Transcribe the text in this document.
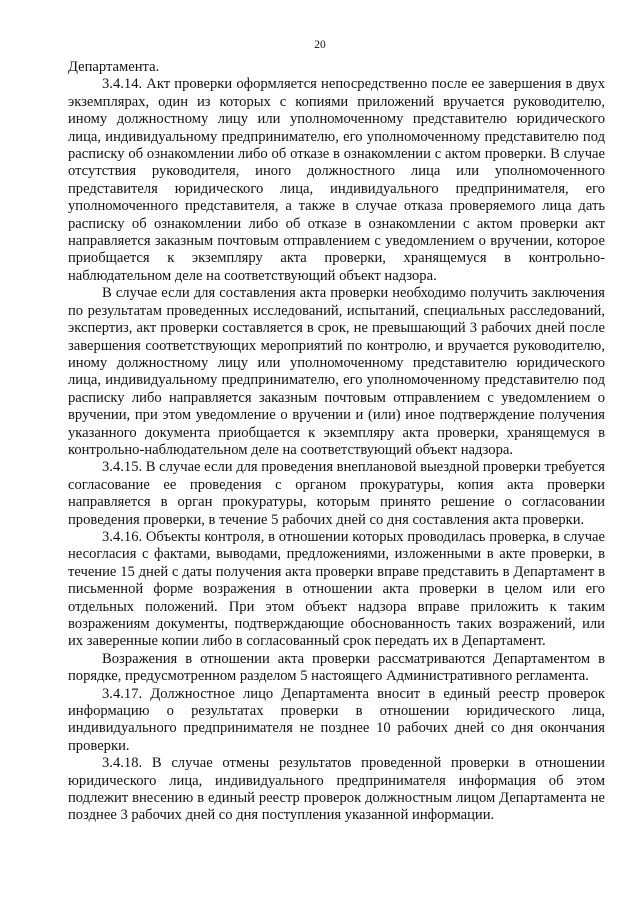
20

Департамента.

3.4.14. Акт проверки оформляется непосредственно после ее завершения в двух экземплярах, один из которых с копиями приложений вручается руководителю, иному должностному лицу или уполномоченному представителю юридического лица, индивидуальному предпринимателю, его уполномоченному представителю под расписку об ознакомлении либо об отказе в ознакомлении с актом проверки. В случае отсутствия руководителя, иного должностного лица или уполномоченного представителя юридического лица, индивидуального предпринимателя, его уполномоченного представителя, а также в случае отказа проверяемого лица дать расписку об ознакомлении либо об отказе в ознакомлении с актом проверки акт направляется заказным почтовым отправлением с уведомлением о вручении, которое приобщается к экземпляру акта проверки, хранящемуся в контрольно-наблюдательном деле на соответствующий объект надзора.

В случае если для составления акта проверки необходимо получить заключения по результатам проведенных исследований, испытаний, специальных расследований, экспертиз, акт проверки составляется в срок, не превышающий 3 рабочих дней после завершения соответствующих мероприятий по контролю, и вручается руководителю, иному должностному лицу или уполномоченному представителю юридического лица, индивидуальному предпринимателю, его уполномоченному представителю под расписку либо направляется заказным почтовым отправлением с уведомлением о вручении, при этом уведомление о вручении и (или) иное подтверждение получения указанного документа приобщается к экземпляру акта проверки, хранящемуся в контрольно-наблюдательном деле на соответствующий объект надзора.

3.4.15. В случае если для проведения внеплановой выездной проверки требуется согласование ее проведения с органом прокуратуры, копия акта проверки направляется в орган прокуратуры, которым принято решение о согласовании проведения проверки, в течение 5 рабочих дней со дня составления акта проверки.

3.4.16. Объекты контроля, в отношении которых проводилась проверка, в случае несогласия с фактами, выводами, предложениями, изложенными в акте проверки, в течение 15 дней с даты получения акта проверки вправе представить в Департамент в письменной форме возражения в отношении акта проверки в целом или его отдельных положений. При этом объект надзора вправе приложить к таким возражениям документы, подтверждающие обоснованность таких возражений, или их заверенные копии либо в согласованный срок передать их в Департамент.

Возражения в отношении акта проверки рассматриваются Департаментом в порядке, предусмотренном разделом 5 настоящего Административного регламента.

3.4.17. Должностное лицо Департамента вносит в единый реестр проверок информацию о результатах проверки в отношении юридического лица, индивидуального предпринимателя не позднее 10 рабочих дней со дня окончания проверки.

3.4.18. В случае отмены результатов проведенной проверки в отношении юридического лица, индивидуального предпринимателя информация об этом подлежит внесению в единый реестр проверок должностным лицом Департамента не позднее 3 рабочих дней со дня поступления указанной информации.
